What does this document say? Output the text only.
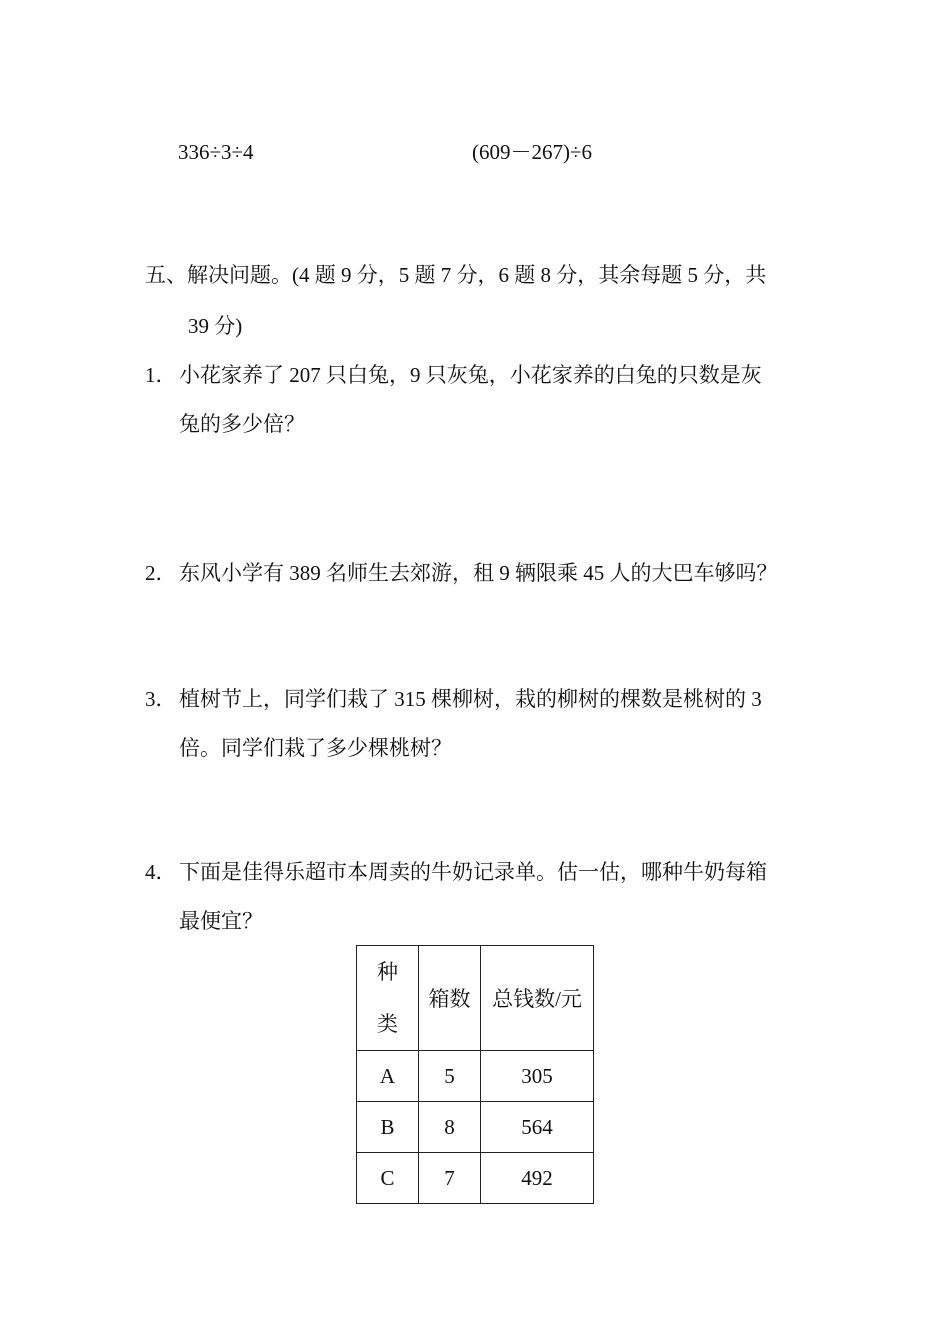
336÷3÷4	(609－267)÷6
五、解决问题。(4 题 9 分，5 题 7 分，6 题 8 分，其余每题 5 分，共
39 分)
1． 小花家养了 207 只白兔，9 只灰兔，小花家养的白兔的只数是灰
兔的多少倍？
2． 东风小学有 389 名师生去郊游，租 9 辆限乘 45 人的大巴车够吗？
3． 植树节上，同学们栽了 315 棵柳树，栽的柳树的棵数是桃树的 3
倍。同学们栽了多少棵桃树？
4． 下面是佳得乐超市本周卖的牛奶记录单。估一估，哪种牛奶每箱
最便宜？
种
类	箱数	总钱数/元
A	5	305
B	8	564
C	7	492
